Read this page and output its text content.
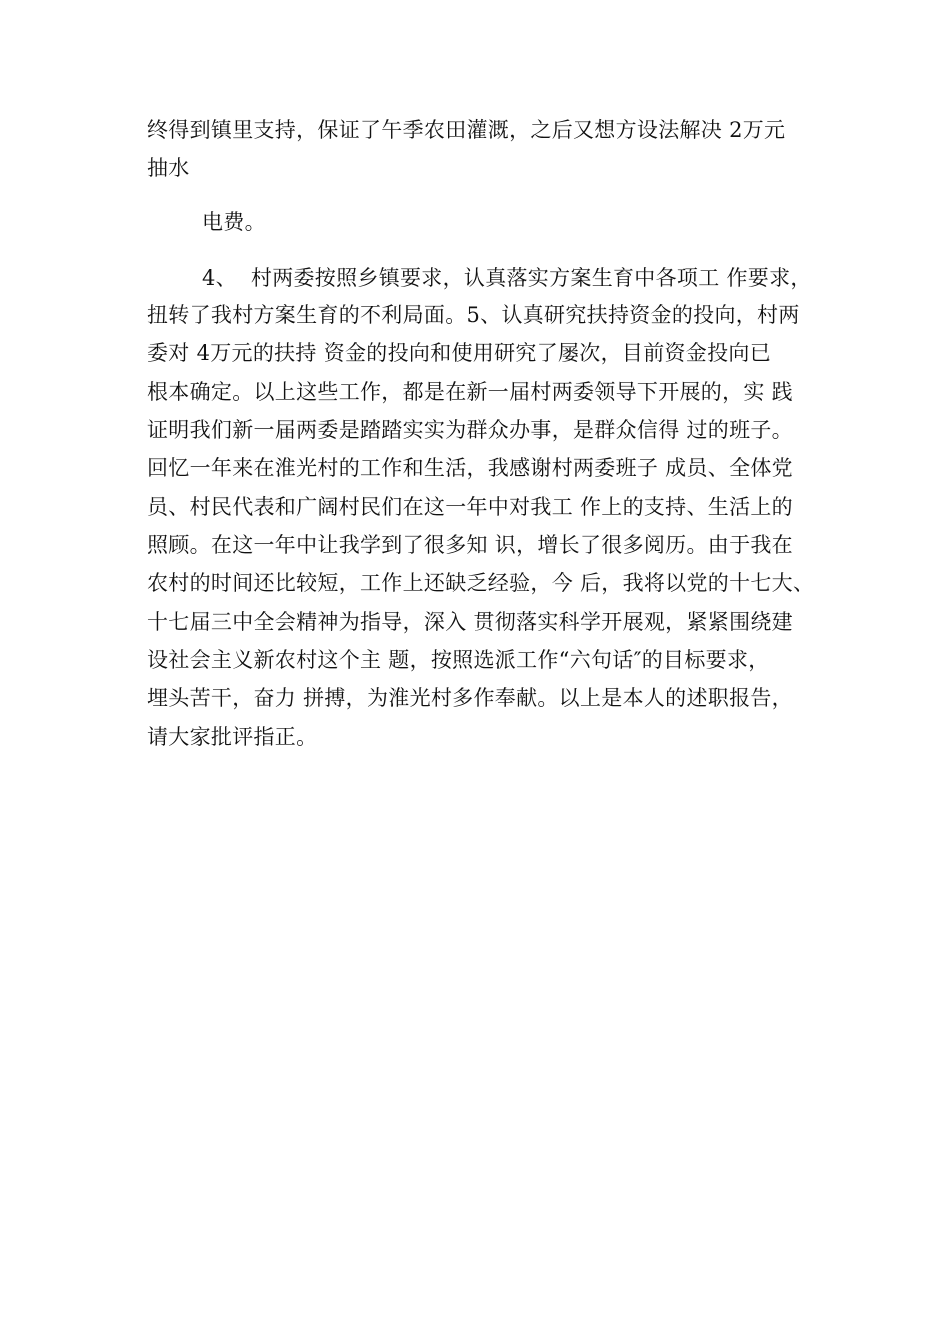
终得到镇里支持，保证了午季农田灌溉，之后又想方设法解决 2万元
抽水
电费。
4、  村两委按照乡镇要求，认真落实方案生育中各项工 作要求，
扭转了我村方案生育的不利局面。5、认真研究扶持资金的投向，村两
委对 4万元的扶持 资金的投向和使用研究了屡次，目前资金投向已
根本确定。以上这些工作，都是在新一届村两委领导下开展的，实 践
证明我们新一届两委是踏踏实实为群众办事，是群众信得 过的班子。
回忆一年来在淮光村的工作和生活，我感谢村两委班子 成员、全体党
员、村民代表和广阔村民们在这一年中对我工 作上的支持、生活上的
照顾。在这一年中让我学到了很多知 识，增长了很多阅历。由于我在
农村的时间还比较短，工作上还缺乏经验，今 后，我将以党的十七大、
十七届三中全会精神为指导，深入 贯彻落实科学开展观，紧紧围绕建
设社会主义新农村这个主 题，按照选派工作“六句话″的目标要求，
埋头苦干，奋力 拼搏，为淮光村多作奉献。以上是本人的述职报告，
请大家批评指正。
